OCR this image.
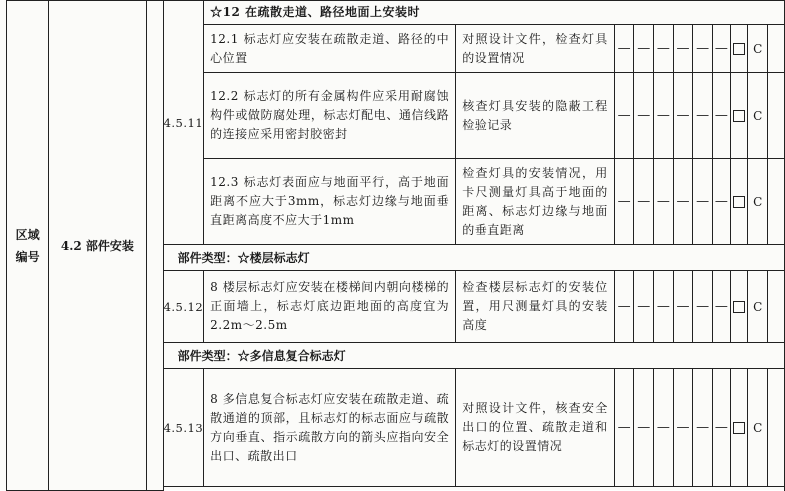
区域
编号	4.2 部件安装		4.5.11	☆12 在疏散走道、路径地面上安装时										
				12.1 标志灯应安装在疏散走道、路径的中心位置	对照设计文件，检查灯具的设置情况	—	—	—	—	—	—		C	
				12.2 标志灯的所有金属构件应采用耐腐蚀构件或做防腐处理，标志灯配电、通信线路的连接应采用密封胶密封	核查灯具安装的隐蔽工程检验记录	—	—	—	—	—	—		C	
				12.3 标志灯表面应与地面平行，高于地面距离不应大于3mm，标志灯边缘与地面垂直距离高度不应大于1mm	检查灯具的安装情况，用卡尺测量灯具高于地面的距离、标志灯边缘与地面的垂直距离	—	—	—	—	—	—		C	
			部件类型：☆楼层标志灯											
			4.5.12	8 楼层标志灯应安装在楼梯间内朝向楼梯的正面墙上，标志灯底边距地面的高度宜为2.2m～2.5m	检查楼层标志灯的安装位置，用尺测量灯具的安装高度	—	—	—	—	—	—		C	
			部件类型：☆多信息复合标志灯											
			4.5.13	8 多信息复合标志灯应安装在疏散走道、疏散通道的顶部，且标志灯的标志面应与疏散方向垂直、指示疏散方向的箭头应指向安全出口、疏散出口	对照设计文件，核查安全出口的位置、疏散走道和标志灯的设置情况	—	—	—	—	—	—		C	
